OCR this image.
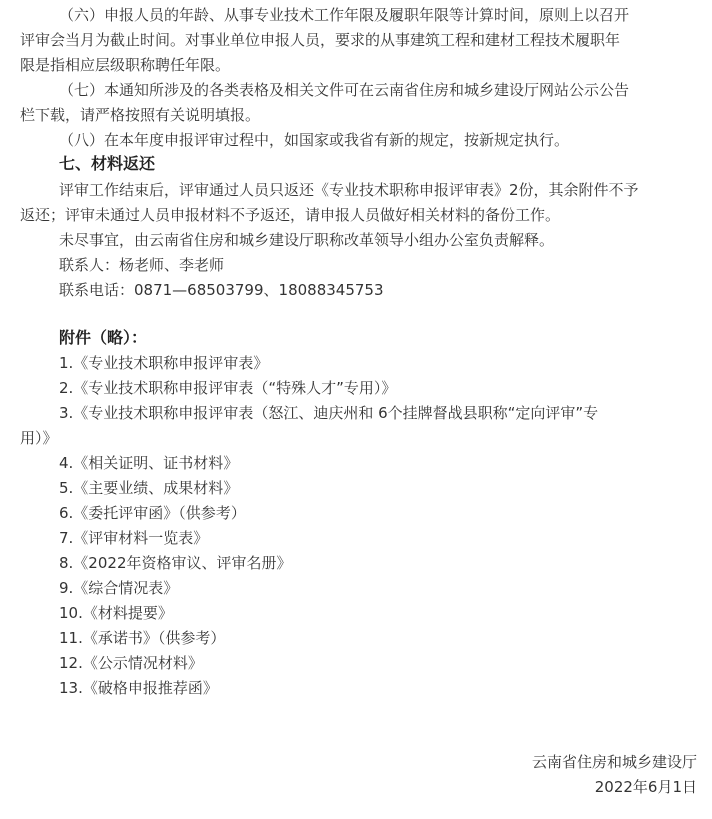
（六）申报人员的年龄、从事专业技术工作年限及履职年限等计算时间，原则上以召开
评审会当月为截止时间。对事业单位申报人员，要求的从事建筑工程和建材工程技术履职年
限是指相应层级职称聘任年限。
（七）本通知所涉及的各类表格及相关文件可在云南省住房和城乡建设厅网站公示公告
栏下载，请严格按照有关说明填报。
（八）在本年度申报评审过程中，如国家或我省有新的规定，按新规定执行。
七、材料返还
评审工作结束后，评审通过人员只返还《专业技术职称申报评审表》2份，其余附件不予
返还；评审未通过人员申报材料不予返还，请申报人员做好相关材料的备份工作。
未尽事宜，由云南省住房和城乡建设厅职称改革领导小组办公室负责解释。
联系人：杨老师、李老师
联系电话：0871—68503799、18088345753
附件（略）：
1.《专业技术职称申报评审表》
2.《专业技术职称申报评审表（“特殊人才”专用）》
3.《专业技术职称申报评审表（怒江、迪庆州和 6个挂牌督战县职称“定向评审”专
用）》
4.《相关证明、证书材料》
5.《主要业绩、成果材料》
6.《委托评审函》（供参考）
7.《评审材料一览表》
8.《2022年资格审议、评审名册》
9.《综合情况表》
10.《材料提要》
11.《承诺书》（供参考）
12.《公示情况材料》
13.《破格申报推荐函》
云南省住房和城乡建设厅
2022年6月1日
